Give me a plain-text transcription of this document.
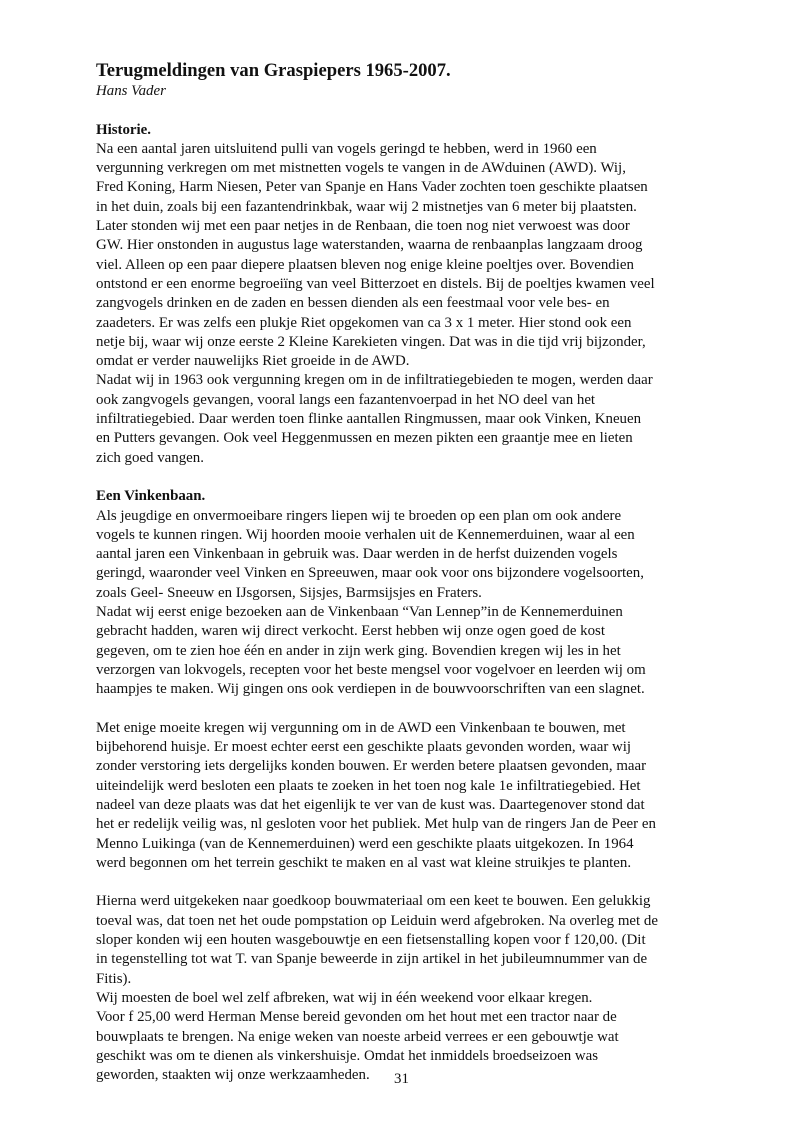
Terugmeldingen van Graspiepers 1965-2007.

Hans Vader

Historie.

Na een aantal jaren uitsluitend pulli van vogels geringd te hebben, werd in 1960 een
vergunning verkregen om met mistnetten vogels te vangen in de AWduinen (AWD). Wij,
Fred Koning, Harm Niesen, Peter van Spanje en Hans Vader zochten toen geschikte plaatsen
in het duin, zoals bij een fazantendrinkbak, waar wij 2 mistnetjes van 6 meter bij plaatsten.
Later stonden wij met een paar netjes in de Renbaan, die toen nog niet verwoest was door
GW. Hier onstonden in augustus lage waterstanden, waarna de renbaanplas langzaam droog
viel. Alleen op een paar diepere plaatsen bleven nog enige kleine poeltjes over. Bovendien
ontstond er een enorme begroeiïng van veel Bitterzoet en distels. Bij de poeltjes kwamen veel
zangvogels drinken en de zaden en bessen dienden als een feestmaal voor vele bes- en
zaadeters. Er was zelfs een plukje Riet opgekomen van ca 3 x 1 meter. Hier stond ook een
netje bij, waar wij onze eerste 2 Kleine Karekieten vingen. Dat was in die tijd vrij bijzonder,
omdat er verder nauwelijks Riet groeide in de AWD.
Nadat wij in 1963 ook vergunning kregen om in de infiltratiegebieden te mogen, werden daar
ook zangvogels gevangen, vooral langs een fazantenvoerpad in het NO deel van het
infiltratiegebied. Daar werden toen flinke aantallen Ringmussen, maar ook Vinken, Kneuen
en Putters gevangen. Ook veel Heggenmussen en mezen pikten een graantje mee en lieten
zich goed vangen.

Een Vinkenbaan.

Als jeugdige en onvermoeibare ringers liepen wij te broeden op een plan om ook andere
vogels te kunnen ringen. Wij hoorden mooie verhalen uit de Kennemerduinen, waar al een
aantal jaren een Vinkenbaan in gebruik was. Daar werden in de herfst duizenden vogels
geringd, waaronder veel Vinken en Spreeuwen, maar ook voor ons bijzondere vogelsoorten,
zoals Geel- Sneeuw en IJsgorsen, Sijsjes, Barmsijsjes en Fraters.
Nadat wij eerst enige bezoeken aan de Vinkenbaan “Van Lennep”in de Kennemerduinen
gebracht hadden, waren wij direct verkocht. Eerst hebben wij onze ogen goed de kost
gegeven, om te zien hoe één en ander in zijn werk ging. Bovendien kregen wij les in het
verzorgen van lokvogels, recepten voor het beste mengsel voor vogelvoer en leerden wij om
haampjes te maken. Wij gingen ons ook verdiepen in de bouwvoorschriften van een slagnet.
Met enige moeite kregen wij vergunning om in de AWD een Vinkenbaan te bouwen, met
bijbehorend huisje. Er moest echter eerst een geschikte plaats gevonden worden, waar wij
zonder verstoring iets dergelijks konden bouwen. Er werden betere plaatsen gevonden, maar
uiteindelijk werd besloten een plaats te zoeken in het toen nog kale 1e infiltratiegebied. Het
nadeel van deze plaats was dat het eigenlijk te ver van de kust was. Daartegenover stond dat
het er redelijk veilig was, nl gesloten voor het publiek. Met hulp van de ringers Jan de Peer en
Menno Luikinga (van de Kennemerduinen) werd een geschikte plaats uitgekozen. In 1964
werd begonnen om het terrein geschikt te maken en al vast wat kleine struikjes te planten.
Hierna werd uitgekeken naar goedkoop bouwmateriaal om een keet te bouwen. Een gelukkig
toeval was, dat toen net het oude pompstation op Leiduin werd afgebroken. Na overleg met de
sloper konden wij een houten wasgebouwtje en een fietsenstalling kopen voor f 120,00. (Dit
in tegenstelling tot wat T. van Spanje beweerde in zijn artikel in het jubileumnummer van de
Fitis).
Wij moesten de boel wel zelf afbreken, wat wij in één weekend voor elkaar kregen.
Voor f 25,00 werd Herman Mense bereid gevonden om het hout met een tractor naar de
bouwplaats te brengen. Na enige weken van noeste arbeid verrees er een gebouwtje wat
geschikt was om te dienen als vinkershuisje. Omdat het inmiddels broedseizoen was
geworden, staakten wij onze werkzaamheden.	31
